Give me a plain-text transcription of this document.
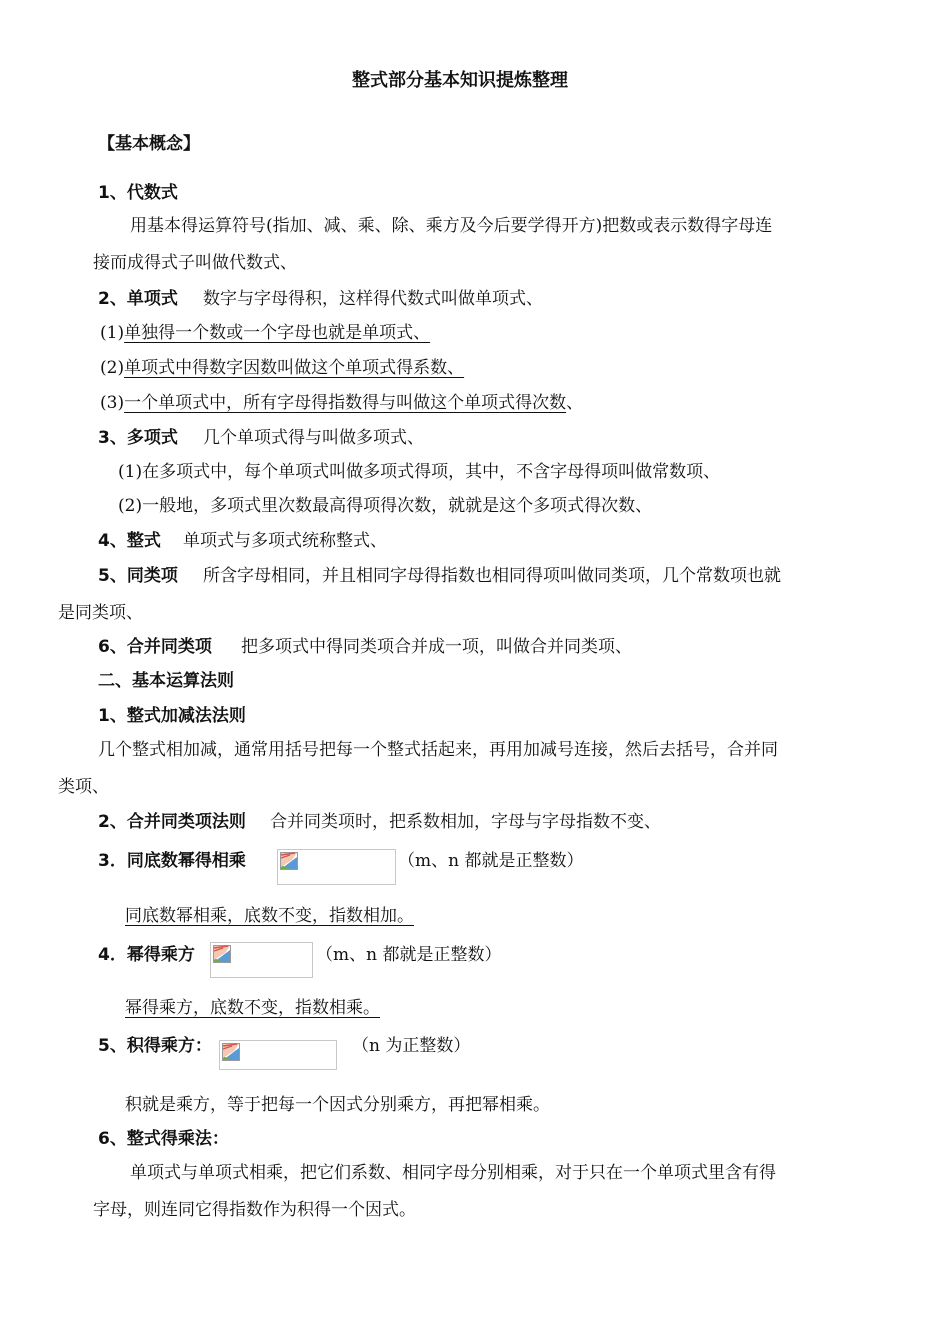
整式部分基本知识提炼整理
【基本概念】
1、代数式
用基本得运算符号(指加、减、乘、除、乘方及今后要学得开方)把数或表示数得字母连
接而成得式子叫做代数式、
2、单项式 数字与字母得积，这样得代数式叫做单项式、
(1)单独得一个数或一个字母也就是单项式、
(2)单项式中得数字因数叫做这个单项式得系数、
(3)一个单项式中，所有字母得指数得与叫做这个单项式得次数、
3、多项式 几个单项式得与叫做多项式、
(1)在多项式中，每个单项式叫做多项式得项，其中，不含字母得项叫做常数项、
(2)一般地，多项式里次数最高得项得次数，就就是这个多项式得次数、
4、整式 单项式与多项式统称整式、
5、同类项 所含字母相同，并且相同字母得指数也相同得项叫做同类项，几个常数项也就
是同类项、
6、合并同类项 把多项式中得同类项合并成一项，叫做合并同类项、
二、基本运算法则
1、整式加减法法则
几个整式相加减，通常用括号把每一个整式括起来，再用加减号连接，然后去括号，合并同
类项、
2、合并同类项法则 合并同类项时，把系数相加，字母与字母指数不变、
3．同底数幂得相乘	（m、n 都就是正整数）
同底数幂相乘，底数不变，指数相加。
4．幂得乘方	（m、n 都就是正整数）
幂得乘方，底数不变，指数相乘。
5、积得乘方：	（n 为正整数）
积就是乘方，等于把每一个因式分别乘方，再把幂相乘。
6、整式得乘法：
单项式与单项式相乘，把它们系数、相同字母分别相乘，对于只在一个单项式里含有得
字母，则连同它得指数作为积得一个因式。
